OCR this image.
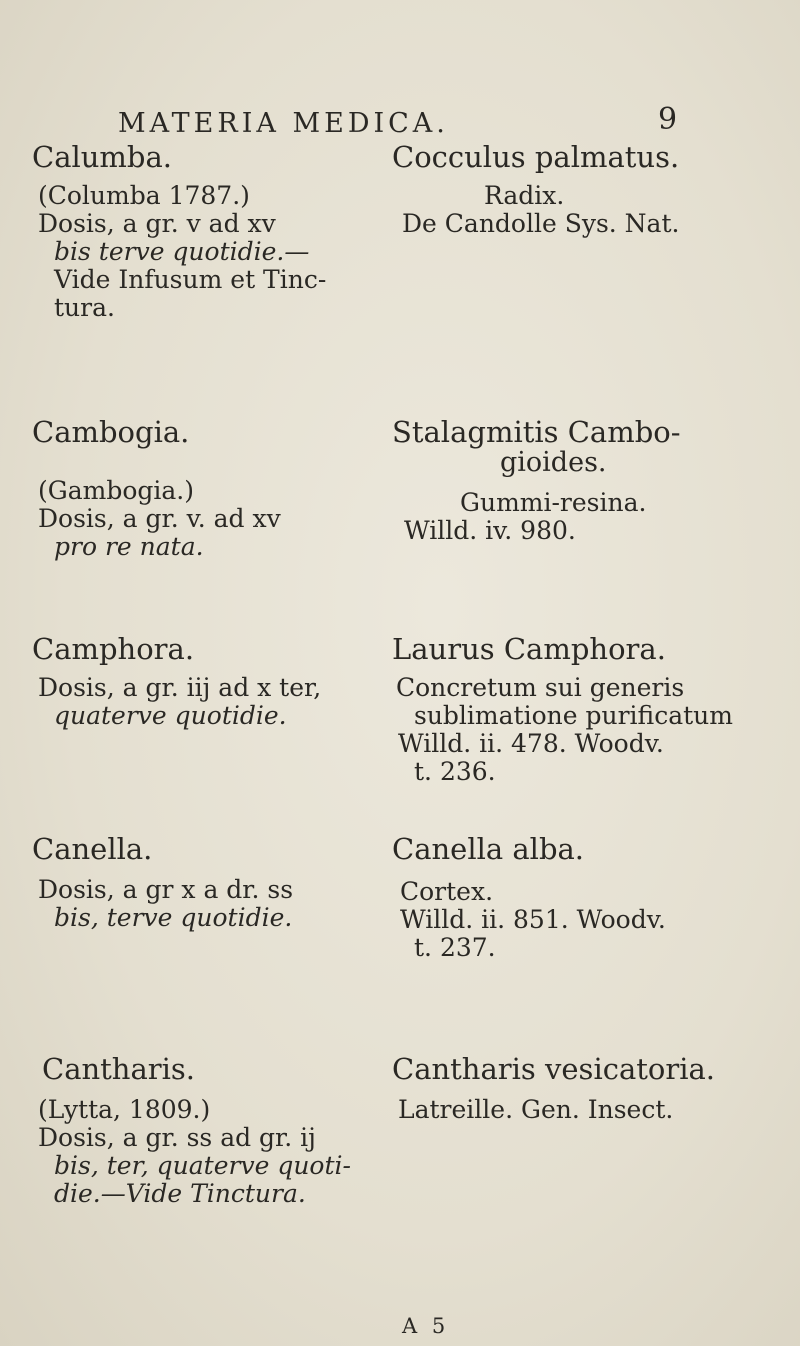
MATERIA MEDICA.	9
Calumba.
(Columba 1787.)
Dosis, a gr. v ad xv
bis terve quotidie.—
Vide Infusum et Tinc-
tura.
Cocculus palmatus.
Radix.
De Candolle Sys. Nat.
Cambogia.
(Gambogia.)
Dosis, a gr. v. ad xv
pro re nata.
Stalagmitis Cambo-
gioides.
Gummi-resina.
Willd. iv. 980.
Camphora.
Dosis, a gr. iij ad x ter,
quaterve quotidie.
Laurus Camphora.
Concretum sui generis
sublimatione purificatum
Willd. ii. 478. Woodv.
t. 236.
Canella.
Dosis, a gr x a dr. ss
bis, terve quotidie.
Canella alba.
Cortex.
Willd. ii. 851. Woodv.
t. 237.
Cantharis.
(Lytta, 1809.)
Dosis, a gr. ss ad gr. ij
bis, ter, quaterve quoti-
die.—Vide Tinctura.
Cantharis vesicatoria.
Latreille. Gen. Insect.
A 5
